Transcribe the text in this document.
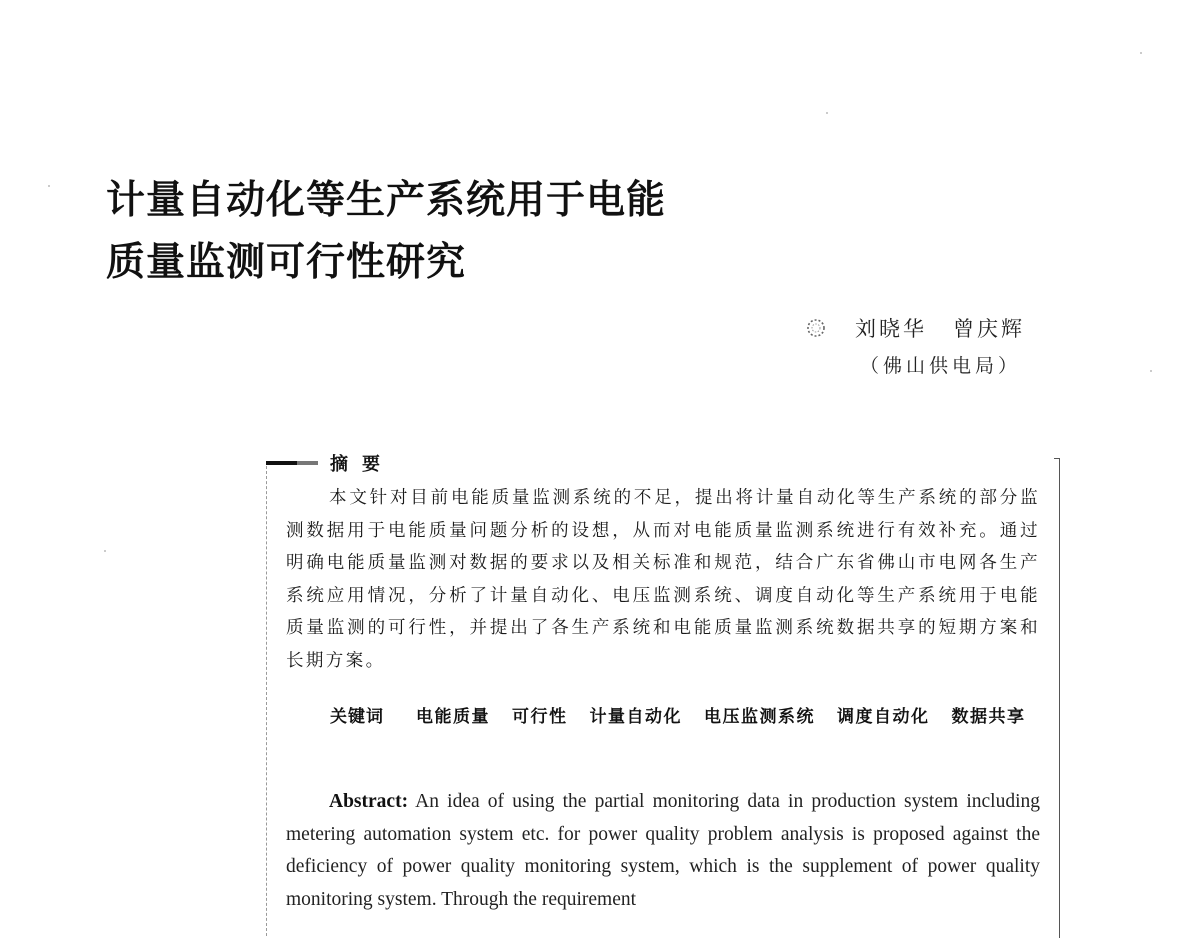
计量自动化等生产系统用于电能
质量监测可行性研究
刘晓华 曾庆辉
（佛山供电局）
摘要
本文针对目前电能质量监测系统的不足，提出将计量自动化等生产系统的部分监测数据用于电能质量问题分析的设想，从而对电能质量监测系统进行有效补充。通过明确电能质量监测对数据的要求以及相关标准和规范，结合广东省佛山市电网各生产系统应用情况，分析了计量自动化、电压监测系统、调度自动化等生产系统用于电能质量监测的可行性，并提出了各生产系统和电能质量监测系统数据共享的短期方案和长期方案。
关键词	电能质量 可行性 计量自动化 电压监测系统 调度自动化 数据共享
Abstract: An idea of using the partial monitoring data in production system including metering automation system etc. for power quality problem analysis is proposed against the deficiency of power quality monitoring system, which is the supplement of power quality monitoring system. Through the requirement
